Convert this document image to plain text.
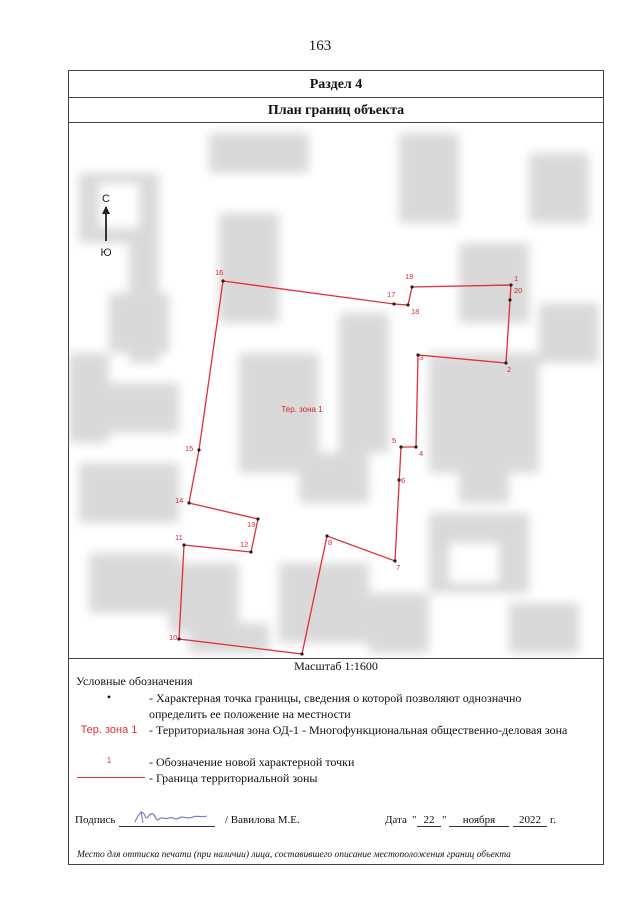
163
Раздел 4
План границ объекта
1
2
3
4
5
6
7
8
10
11
12
13
14
15
16
17
18
19
20
Тер. зона 1
С
Ю
Масштаб 1:1600
Условные обозначения
•	- Характерная точка границы, сведения о которой позволяют однозначно определить ее положение на местности
Тер. зона 1 - Территориальная зона ОД-1 - Многофункциональная общественно-деловая зона
1	- Обозначение новой характерной точки
- Граница территориальной зоны
Подпись	/ Вавилова М.Е.	Дата " 22 "	ноября	2022 г.
Место для оттиска печати (при наличии) лица, составившего описание местоположения границ объекта
